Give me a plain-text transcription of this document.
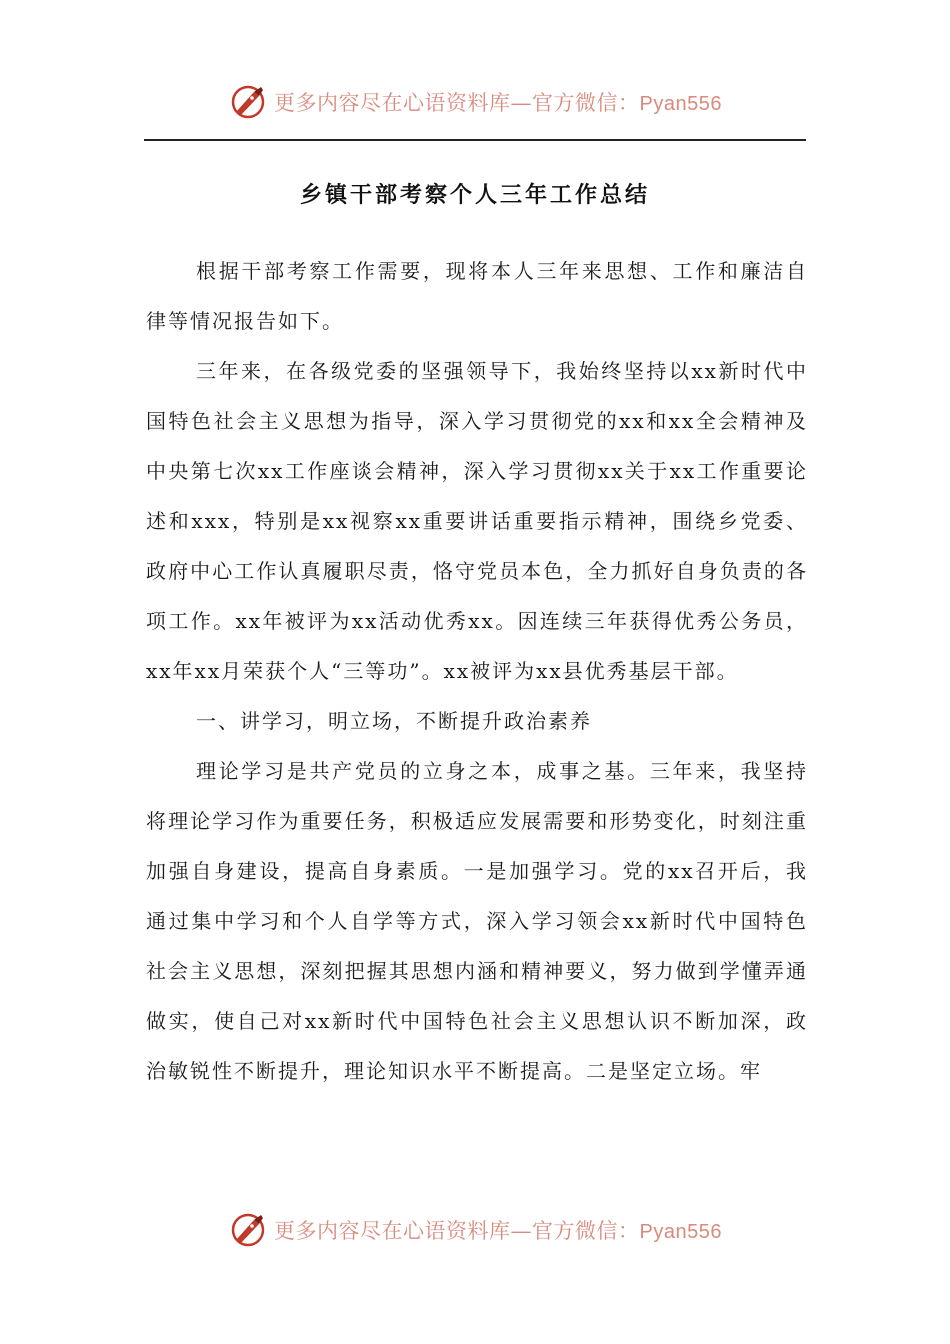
更多内容尽在心语资料库—官方微信：Pyan556
乡镇干部考察个人三年工作总结

根据干部考察工作需要，现将本人三年来思想、工作和廉洁自律等情况报告如下。

三年来，在各级党委的坚强领导下，我始终坚持以xx新时代中国特色社会主义思想为指导，深入学习贯彻党的xx和xx全会精神及中央第七次xx工作座谈会精神，深入学习贯彻xx关于xx工作重要论述和xxx，特别是xx视察xx重要讲话重要指示精神，围绕乡党委、政府中心工作认真履职尽责，恪守党员本色，全力抓好自身负责的各项工作。xx年被评为xx活动优秀xx。因连续三年获得优秀公务员，xx年xx月荣获个人“三等功”。xx被评为xx县优秀基层干部。

一、讲学习，明立场，不断提升政治素养

理论学习是共产党员的立身之本，成事之基。三年来，我坚持将理论学习作为重要任务，积极适应发展需要和形势变化，时刻注重加强自身建设，提高自身素质。一是加强学习。党的xx召开后，我通过集中学习和个人自学等方式，深入学习领会xx新时代中国特色社会主义思想，深刻把握其思想内涵和精神要义，努力做到学懂弄通做实，使自己对xx新时代中国特色社会主义思想认识不断加深，政治敏锐性不断提升，理论知识水平不断提高。二是坚定立场。牢

更多内容尽在心语资料库—官方微信：Pyan556
